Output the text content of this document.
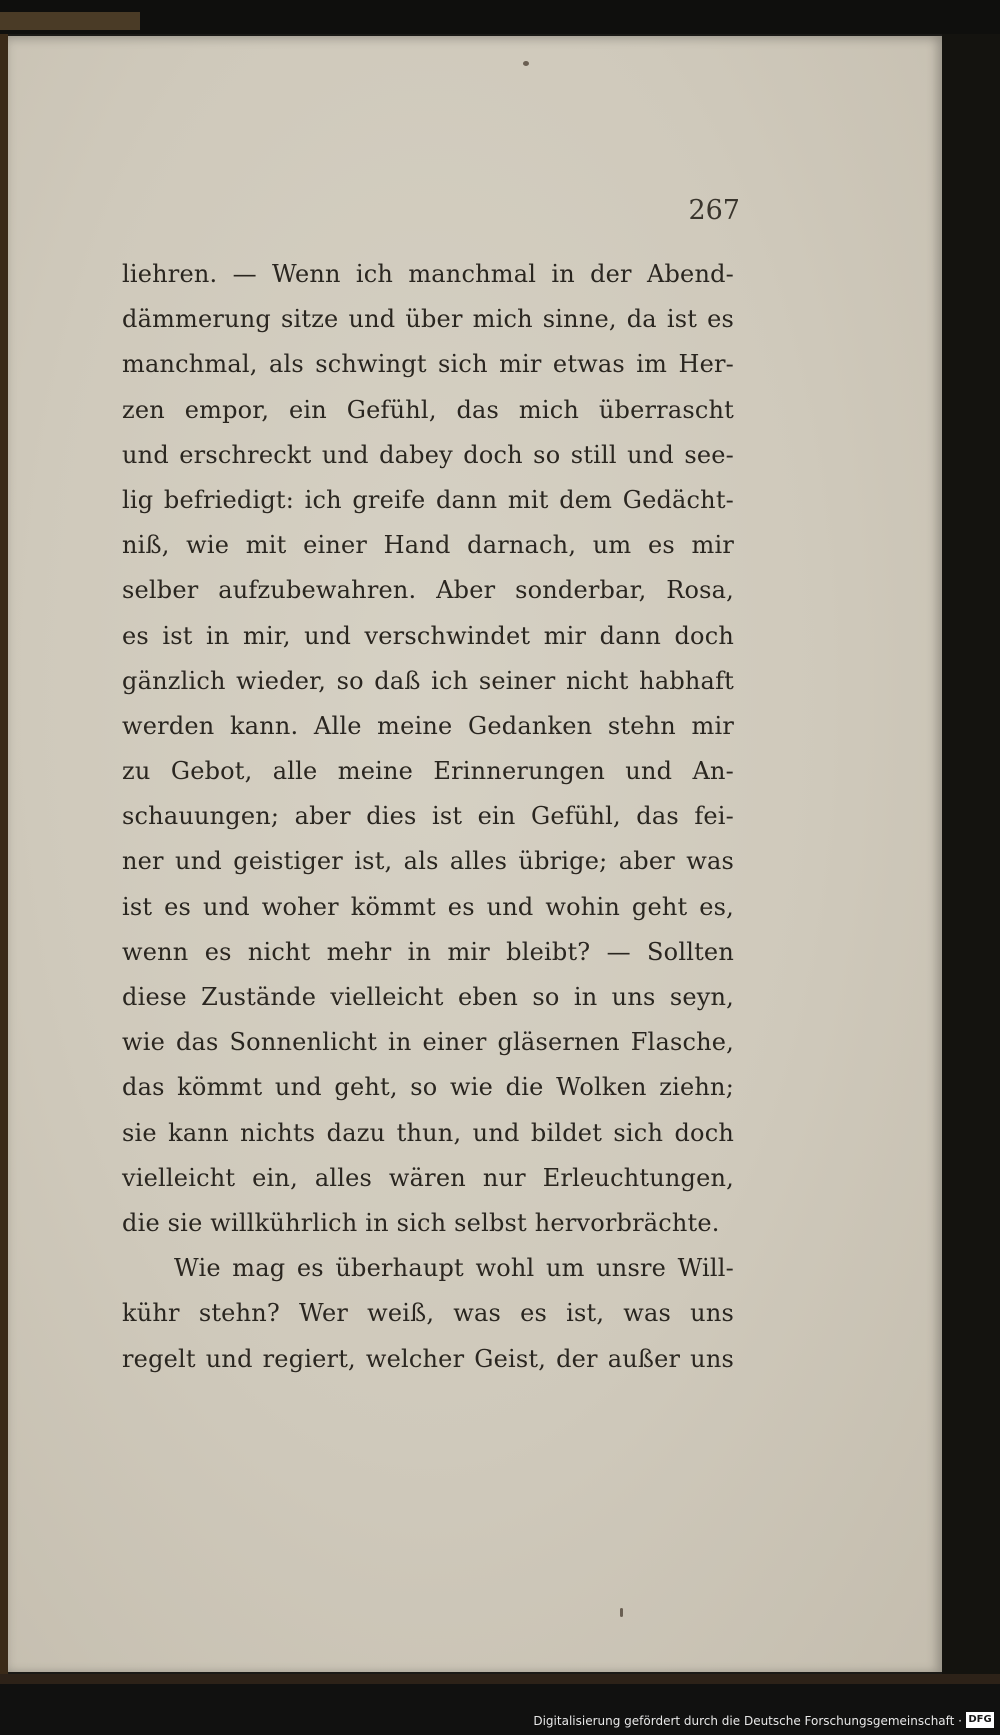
267
liehren. — Wenn ich manchmal in der Abend-
dämmerung sitze und über mich sinne, da ist es
manchmal, als schwingt sich mir etwas im Her-
zen empor, ein Gefühl, das mich überrascht
und erschreckt und dabey doch so still und see-
lig befriedigt: ich greife dann mit dem Gedächt-
niß, wie mit einer Hand darnach, um es mir
selber aufzubewahren. Aber sonderbar, Rosa,
es ist in mir, und verschwindet mir dann doch
gänzlich wieder, so daß ich seiner nicht habhaft
werden kann. Alle meine Gedanken stehn mir
zu Gebot, alle meine Erinnerungen und An-
schauungen; aber dies ist ein Gefühl, das fei-
ner und geistiger ist, als alles übrige; aber was
ist es und woher kömmt es und wohin geht es,
wenn es nicht mehr in mir bleibt? — Sollten
diese Zustände vielleicht eben so in uns seyn,
wie das Sonnenlicht in einer gläsernen Flasche,
das kömmt und geht, so wie die Wolken ziehn;
sie kann nichts dazu thun, und bildet sich doch
vielleicht ein, alles wären nur Erleuchtungen,
die sie willkührlich in sich selbst hervorbrächte.
Wie mag es überhaupt wohl um unsre Will-
kühr stehn? Wer weiß, was es ist, was uns
regelt und regiert, welcher Geist, der außer uns
Digitalisierung gefördert durch die Deutsche Forschungsgemeinschaft · DFG
